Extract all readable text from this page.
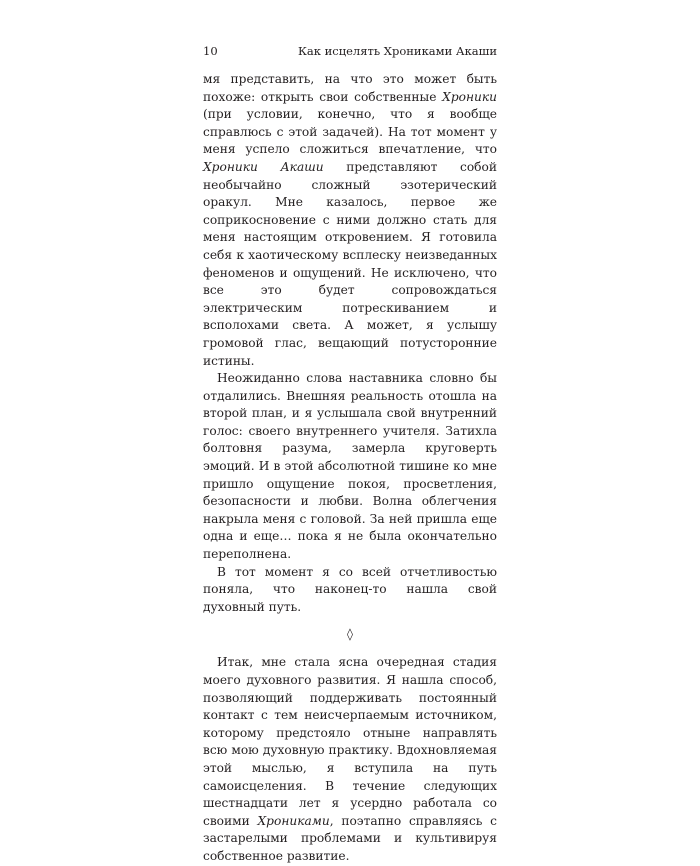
10	Как исцелять Хрониками Акаши

мя представить, на что это может быть похоже: открыть свои собственные Хроники (при условии, конечно, что я вообще справлюсь с этой задачей). На тот момент у меня успело сложиться впечатление, что Хроники Акаши представляют собой необычайно сложный эзотерический оракул. Мне казалось, первое же соприкосновение с ними должно стать для меня настоящим откровением. Я готовила себя к хаотическому всплеску неизведанных феноменов и ощущений. Не исключено, что все это будет сопровождаться электрическим потрескиванием и всполохами света. А может, я услышу громовой глас, вещающий потусторонние истины.

Неожиданно слова наставника словно бы отдалились. Внешняя реальность отошла на второй план, и я услышала свой внутренний голос: своего внутреннего учителя. Затихла болтовня разума, замерла круговерть эмоций. И в этой абсолютной тишине ко мне пришло ощущение покоя, просветления, безопасности и любви. Волна облегчения накрыла меня с головой. За ней пришла еще одна и еще… пока я не была окончательно переполнена.

В тот момент я со всей отчетливостью поняла, что наконец-то нашла свой духовный путь.

◊

Итак, мне стала ясна очередная стадия моего духовного развития. Я нашла способ, позволяющий поддерживать постоянный контакт с тем неисчерпаемым источником, которому предстояло отныне направлять всю мою духовную практику. Вдохновляемая этой мыслью, я вступила на путь самоисцеления. В течение следующих шестнадцати лет я усердно работала со своими Хрониками, поэтапно справляясь с застарелыми проблемами и культивируя собственное развитие.
